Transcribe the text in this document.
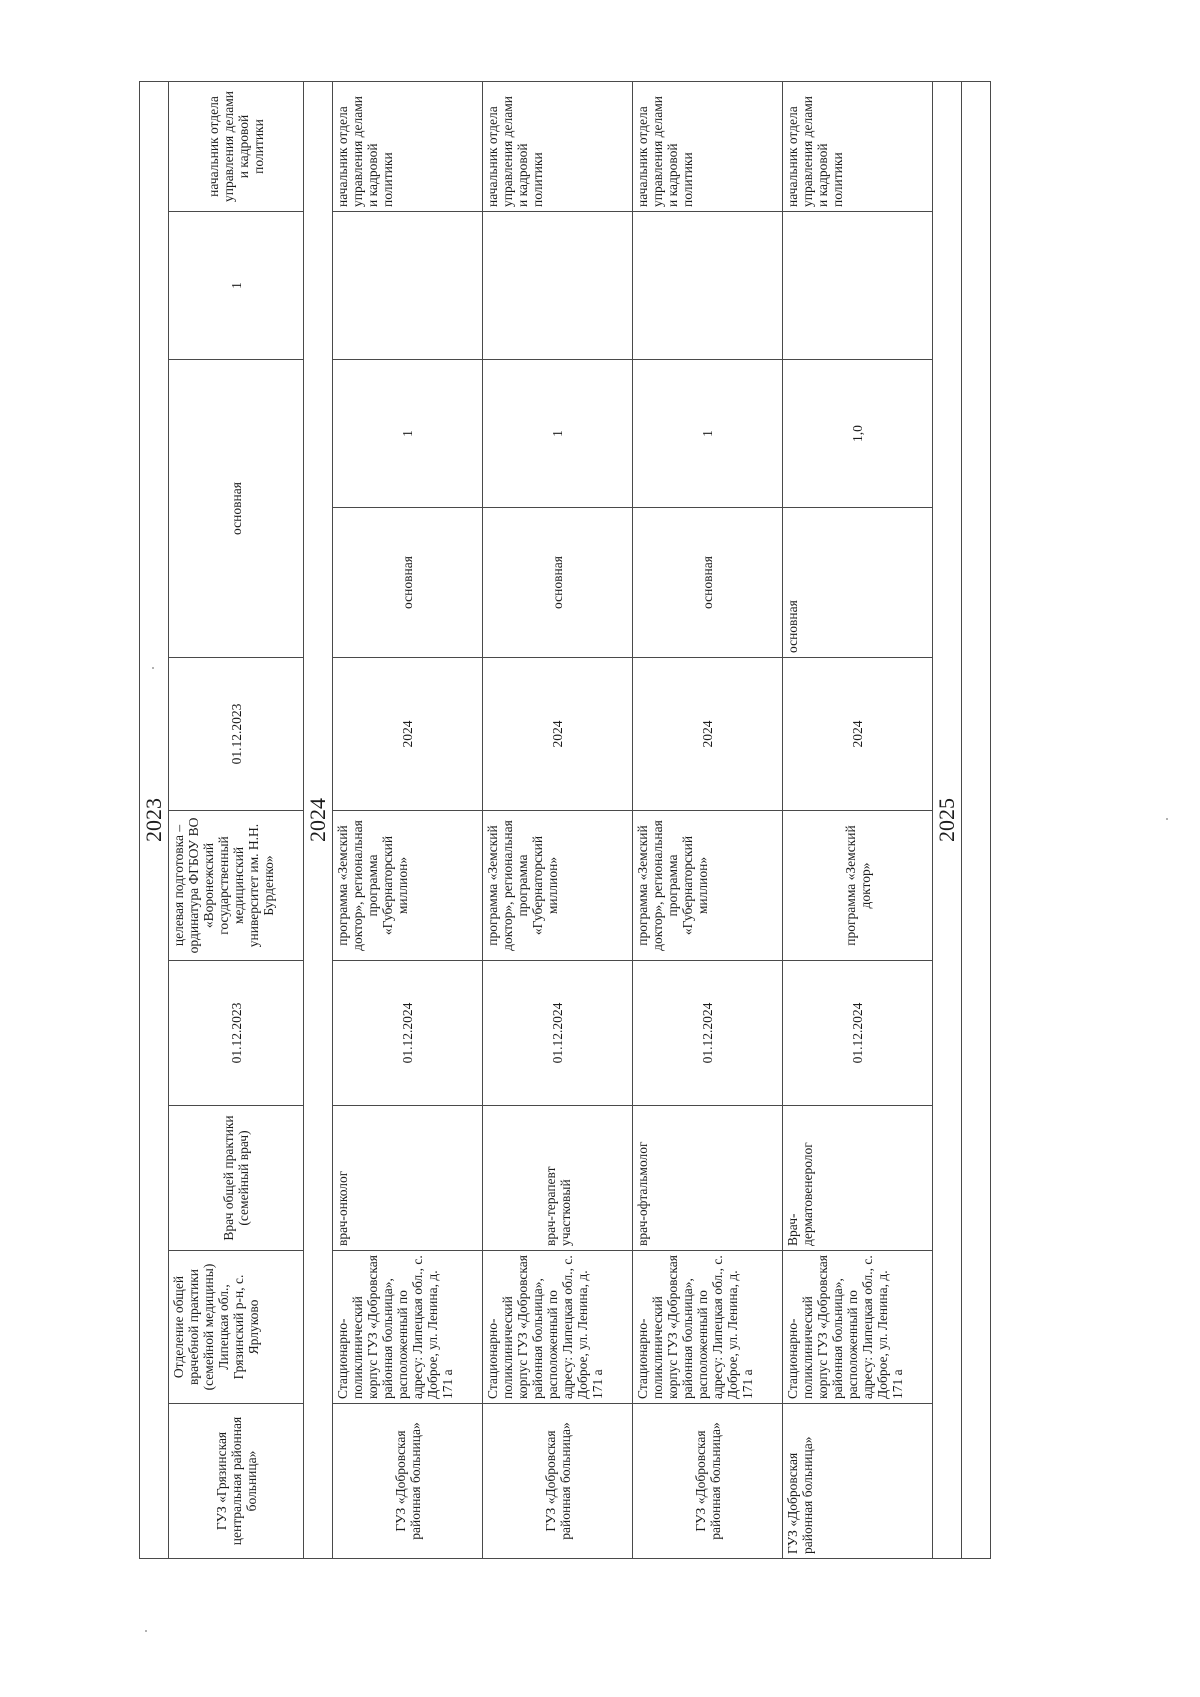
2023									
ГУЗ «Грязинская центральная районная больница»	Отделение общей врачебной практики (семейной медицины) Липецкая обл., Грязинский р-н, с. Ярлуково	Врач общей практики (семейный врач)	01.12.2023	целевая подготовка – ординатура ФГБОУ ВО «Воронежский государственный медицинский университет им. Н.Н. Бурденко»	01.12.2023	основная		1	начальник отдела управления делами и кадровой политики
2024									
ГУЗ «Добровская районная больница»	Стационарно-поликлинический корпус ГУЗ «Добровская районная больница», расположенный по адресу: Липецкая обл., с. Доброе, ул. Ленина, д. 171 а	врач-онколог	01.12.2024	программа «Земский доктор», региональная программа «Губернаторский миллион»	2024	основная	1		начальник отдела управления делами и кадровой политики
ГУЗ «Добровская районная больница»	Стационарно-поликлинический корпус ГУЗ «Добровская районная больница», расположенный по адресу: Липецкая обл., с. Доброе, ул. Ленина, д. 171 а	врач-терапевт участковый	01.12.2024	программа «Земский доктор», региональная программа «Губернаторский миллион»	2024	основная	1		начальник отдела управления делами и кадровой политики
ГУЗ «Добровская районная больница»	Стационарно-поликлинический корпус ГУЗ «Добровская районная больница», расположенный по адресу: Липецкая обл., с. Доброе, ул. Ленина, д. 171 а	врач-офтальмолог	01.12.2024	программа «Земский доктор», региональная программа «Губернаторский миллион»	2024	основная	1		начальник отдела управления делами и кадровой политики
ГУЗ «Добровская районная больница»	Стационарно-поликлинический корпус ГУЗ «Добровская районная больница», расположенный по адресу: Липецкая обл., с. Доброе, ул. Ленина, д. 171 а	Врач-дерматовенеролог	01.12.2024	программа «Земский доктор»	2024	основная	1,0		начальник отдела управления делами и кадровой политики
2025									
